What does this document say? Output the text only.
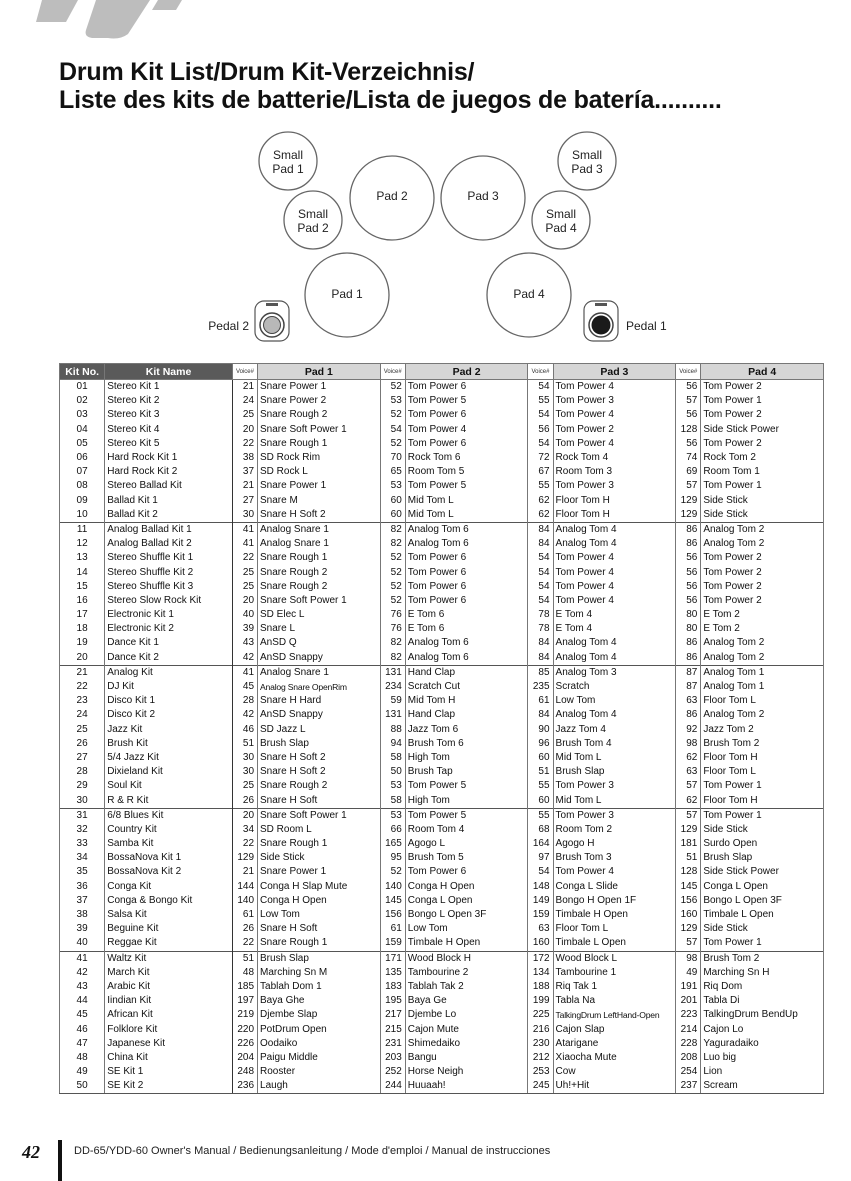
Drum Kit List/Drum Kit-Verzeichnis/
Liste des kits de batterie/Lista de juegos de batería..........
Small
Pad 1
Small
Pad 3
Small
Pad 2
Small
Pad 4
Pad 2	Pad 3
Pad 1	Pad 4
Pedal 2	Pedal 1
Kit No.	Kit Name	Voice#	Pad 1	Voice#	Pad 2	Voice#	Pad 3	Voice#	Pad 4
01	Stereo Kit 1	21	Snare Power 1	52	Tom Power 6	54	Tom Power 4	56	Tom Power 2
02	Stereo Kit 2	24	Snare Power 2	53	Tom Power 5	55	Tom Power 3	57	Tom Power 1
03	Stereo Kit 3	25	Snare Rough 2	52	Tom Power 6	54	Tom Power 4	56	Tom Power 2
04	Stereo Kit 4	20	Snare Soft Power 1	54	Tom Power 4	56	Tom Power 2	128	Side Stick Power
05	Stereo Kit 5	22	Snare Rough 1	52	Tom Power 6	54	Tom Power 4	56	Tom Power 2
06	Hard Rock Kit 1	38	SD Rock Rim	70	Rock Tom 6	72	Rock Tom 4	74	Rock Tom 2
07	Hard Rock Kit 2	37	SD Rock L	65	Room Tom 5	67	Room Tom 3	69	Room Tom 1
08	Stereo Ballad Kit	21	Snare Power 1	53	Tom Power 5	55	Tom Power 3	57	Tom Power 1
09	Ballad Kit 1	27	Snare M	60	Mid Tom L	62	Floor Tom H	129	Side Stick
10	Ballad Kit 2	30	Snare H Soft 2	60	Mid Tom L	62	Floor Tom H	129	Side Stick
11	Analog Ballad Kit 1	41	Analog Snare 1	82	Analog Tom 6	84	Analog Tom 4	86	Analog Tom 2
12	Analog Ballad Kit 2	41	Analog Snare 1	82	Analog Tom 6	84	Analog Tom 4	86	Analog Tom 2
13	Stereo Shuffle Kit 1	22	Snare Rough 1	52	Tom Power 6	54	Tom Power 4	56	Tom Power 2
14	Stereo Shuffle Kit 2	25	Snare Rough 2	52	Tom Power 6	54	Tom Power 4	56	Tom Power 2
15	Stereo Shuffle Kit 3	25	Snare Rough 2	52	Tom Power 6	54	Tom Power 4	56	Tom Power 2
16	Stereo Slow Rock Kit	20	Snare Soft Power 1	52	Tom Power 6	54	Tom Power 4	56	Tom Power 2
17	Electronic Kit 1	40	SD Elec L	76	E Tom 6	78	E Tom 4	80	E Tom 2
18	Electronic Kit 2	39	Snare L	76	E Tom 6	78	E Tom 4	80	E Tom 2
19	Dance Kit 1	43	AnSD Q	82	Analog Tom 6	84	Analog Tom 4	86	Analog Tom 2
20	Dance Kit 2	42	AnSD Snappy	82	Analog Tom 6	84	Analog Tom 4	86	Analog Tom 2
21	Analog Kit	41	Analog Snare 1	131	Hand Clap	85	Analog Tom 3	87	Analog Tom 1
22	DJ Kit	45	Analog Snare OpenRim	234	Scratch Cut	235	Scratch	87	Analog Tom 1
23	Disco Kit 1	28	Snare H Hard	59	Mid Tom H	61	Low Tom	63	Floor Tom L
24	Disco Kit 2	42	AnSD Snappy	131	Hand Clap	84	Analog Tom 4	86	Analog Tom 2
25	Jazz Kit	46	SD Jazz L	88	Jazz Tom 6	90	Jazz Tom 4	92	Jazz Tom 2
26	Brush Kit	51	Brush Slap	94	Brush Tom 6	96	Brush Tom 4	98	Brush Tom 2
27	5/4 Jazz Kit	30	Snare H Soft 2	58	High Tom	60	Mid Tom L	62	Floor Tom H
28	Dixieland Kit	30	Snare H Soft 2	50	Brush Tap	51	Brush Slap	63	Floor Tom L
29	Soul Kit	25	Snare Rough 2	53	Tom Power 5	55	Tom Power 3	57	Tom Power 1
30	R & R Kit	26	Snare H Soft	58	High Tom	60	Mid Tom L	62	Floor Tom H
31	6/8 Blues Kit	20	Snare Soft Power 1	53	Tom Power 5	55	Tom Power 3	57	Tom Power 1
32	Country Kit	34	SD Room L	66	Room Tom 4	68	Room Tom 2	129	Side Stick
33	Samba Kit	22	Snare Rough 1	165	Agogo L	164	Agogo H	181	Surdo Open
34	BossaNova Kit 1	129	Side Stick	95	Brush Tom 5	97	Brush Tom 3	51	Brush Slap
35	BossaNova Kit 2	21	Snare Power 1	52	Tom Power 6	54	Tom Power 4	128	Side Stick Power
36	Conga Kit	144	Conga H Slap Mute	140	Conga H Open	148	Conga L Slide	145	Conga L Open
37	Conga & Bongo Kit	140	Conga H Open	145	Conga L Open	149	Bongo H Open 1F	156	Bongo L Open 3F
38	Salsa Kit	61	Low Tom	156	Bongo L Open 3F	159	Timbale H Open	160	Timbale L Open
39	Beguine Kit	26	Snare H Soft	61	Low Tom	63	Floor Tom L	129	Side Stick
40	Reggae Kit	22	Snare Rough 1	159	Timbale H Open	160	Timbale L Open	57	Tom Power 1
41	Waltz Kit	51	Brush Slap	171	Wood Block H	172	Wood Block L	98	Brush Tom 2
42	March Kit	48	Marching Sn M	135	Tambourine 2	134	Tambourine 1	49	Marching Sn H
43	Arabic Kit	185	Tablah Dom 1	183	Tablah Tak 2	188	Riq Tak 1	191	Riq Dom
44	Iindian Kit	197	Baya Ghe	195	Baya Ge	199	Tabla Na	201	Tabla Di
45	African Kit	219	Djembe Slap	217	Djembe Lo	225	TalkingDrum LeftHand-Open	223	TalkingDrum BendUp
46	Folklore Kit	220	PotDrum Open	215	Cajon Mute	216	Cajon Slap	214	Cajon Lo
47	Japanese Kit	226	Oodaiko	231	Shimedaiko	230	Atarigane	228	Yaguradaiko
48	China Kit	204	Paigu Middle	203	Bangu	212	Xiaocha Mute	208	Luo big
49	SE Kit 1	248	Rooster	252	Horse Neigh	253	Cow	254	Lion
50	SE Kit 2	236	Laugh	244	Huuaah!	245	Uh!+Hit	237	Scream
42	DD-65/YDD-60 Owner's Manual / Bedienungsanleitung / Mode d'emploi / Manual de instrucciones
